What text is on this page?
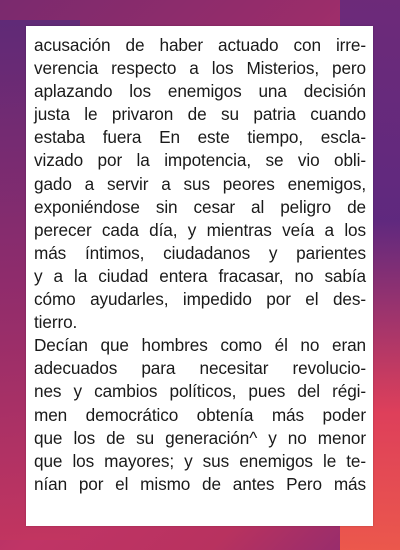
acusación de haber actuado con irre-
verencia respecto a los Misterios, pero
aplazando los enemigos una decisión
justa le privaron de su patria cuando
estaba fuera En este tiempo, escla-
vizado por la impotencia, se vio obli-
gado a servir a sus peores enemigos,
exponiéndose sin cesar al peligro de
perecer cada día, y mientras veía a los
más íntimos, ciudadanos y parientes
y a la ciudad entera fracasar, no sabía
cómo ayudarles, impedido por el des-
tierro.
Decían que hombres como él no eran
adecuados para necesitar revolucio-
nes y cambios políticos, pues del régi-
men democrático obtenía más poder
que los de su generación^ y no menor
que los mayores; y sus enemigos le te-
nían por el mismo de antes Pero más
